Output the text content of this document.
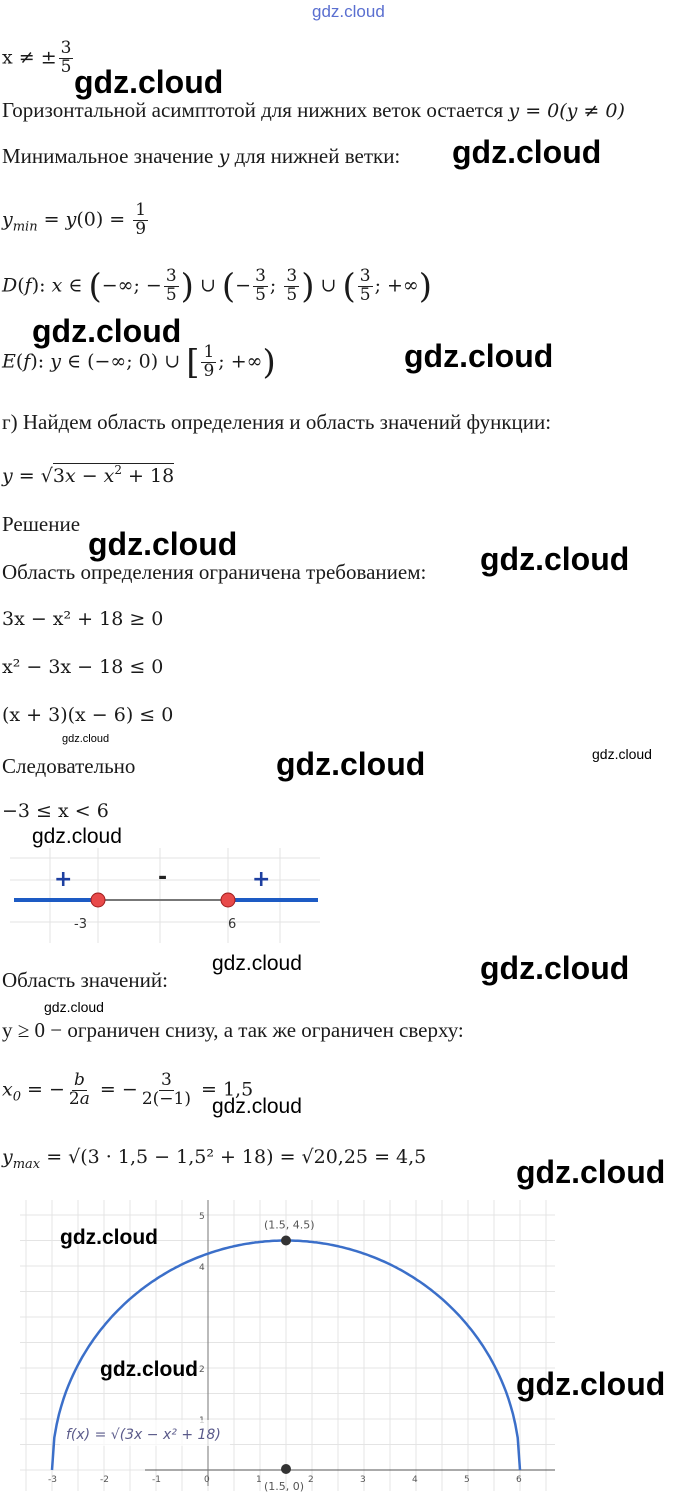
gdz.cloud
x ≠ ± $\frac{3}{5}$
gdz.cloud
Горизонтальной асимптотой для нижних веток остается y = 0(y ≠ 0)
Минимальное значение y для нижней ветки: gdz.cloud
$y_{min} = y(0) = \frac{1}{9}$
D(f): x ∈ (−∞; − $\frac{3}{5}$ ) ∪ (− $\frac{3}{5}$ ; $\frac{3}{5}$ ) ∪ ( $\frac{3}{5}$ ; +∞)
gdz.cloud
E(f): y ∈ (−∞; 0) ∪ [ $\frac{1}{9}$ ; +∞)	gdz.cloud
г) Найдем область определения и область значений функции:
$y = √3x - x^2 + 18$
Решение
gdz.cloud	gdz.cloud
Область определения ограничена требованием:
3x − x² + 18 ≥ 0
x² − 3x − 18 ≤ 0
(x + 3)(x − 6) ≤ 0
gdz.cloud
Следовательно	gdz.cloud	gdz.cloud
−3 ≤ x < 6
gdz.cloud
+	-	+
-3	6
Область значений:
gdz.cloud	gdz.cloud
gdz.cloud
y ≥ 0 − ограничен снизу, а так же ограничен сверху:
$x_0$ = − $\frac{b}{2a}$ = − $\frac{3}{2(-1)} = 1,5$
gdz.cloud
$y_{max} = √(3 \cdot 1,5 - 1,5^2 + 18) = √20,25 = 4,5$	gdz.cloud
(1.5, 4.5)
(1.5, 0)
-3	-2	-1	0	1	2	3	4	5	6
2
4
5
f(x) = √(3x − x² + 18)
gdz.cloud
gdz.cloud	gdz.cloud
